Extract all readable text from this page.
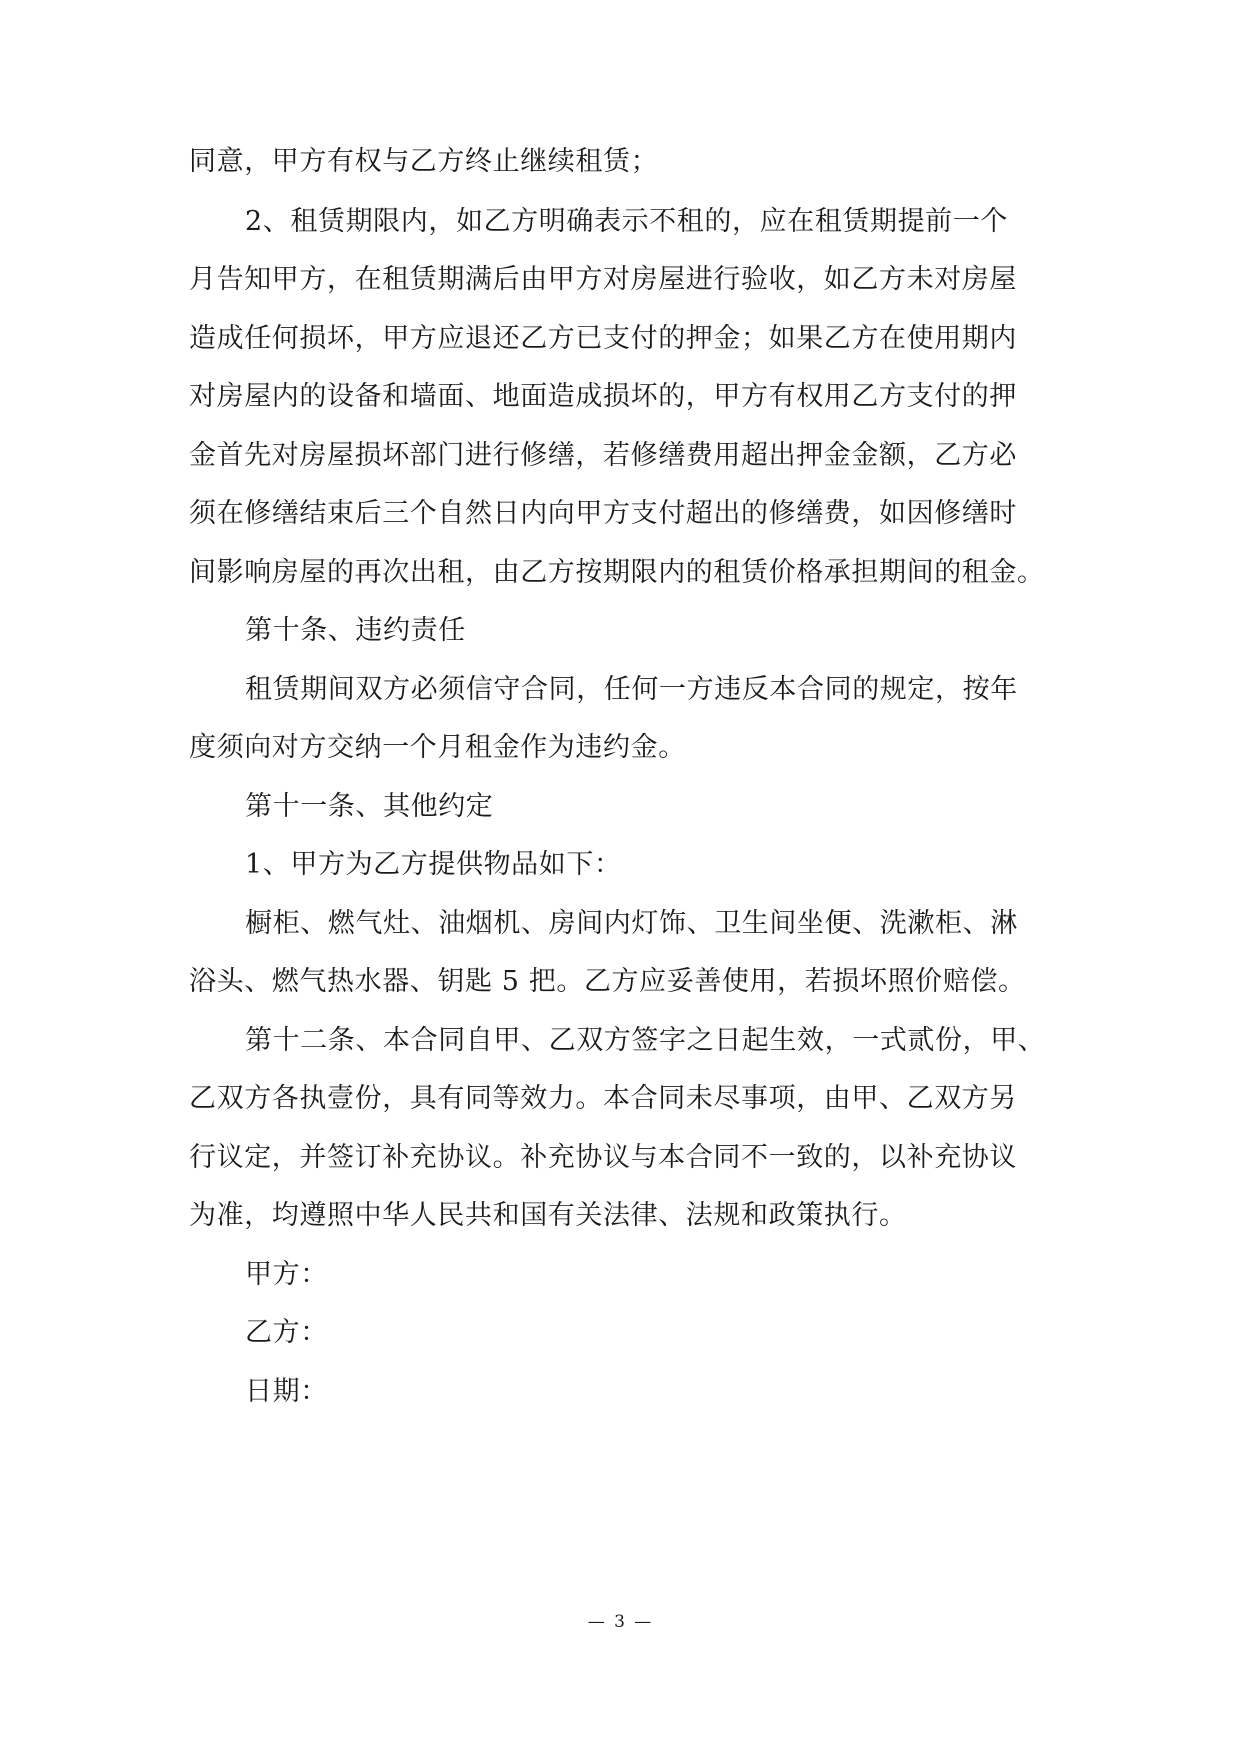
同意，甲方有权与乙方终止继续租赁；
2、租赁期限内，如乙方明确表示不租的，应在租赁期提前一个
月告知甲方，在租赁期满后由甲方对房屋进行验收，如乙方未对房屋
造成任何损坏，甲方应退还乙方已支付的押金；如果乙方在使用期内
对房屋内的设备和墙面、地面造成损坏的，甲方有权用乙方支付的押
金首先对房屋损坏部门进行修缮，若修缮费用超出押金金额，乙方必
须在修缮结束后三个自然日内向甲方支付超出的修缮费，如因修缮时
间影响房屋的再次出租，由乙方按期限内的租赁价格承担期间的租金。
第十条、违约责任
租赁期间双方必须信守合同，任何一方违反本合同的规定，按年
度须向对方交纳一个月租金作为违约金。
第十一条、其他约定
1、甲方为乙方提供物品如下：
橱柜、燃气灶、油烟机、房间内灯饰、卫生间坐便、洗漱柜、淋
浴头、燃气热水器、钥匙 5 把。乙方应妥善使用，若损坏照价赔偿。
第十二条、本合同自甲、乙双方签字之日起生效，一式贰份，甲、
乙双方各执壹份，具有同等效力。本合同未尽事项，由甲、乙双方另
行议定，并签订补充协议。补充协议与本合同不一致的，以补充协议
为准，均遵照中华人民共和国有关法律、法规和政策执行。
甲方：
乙方：
日期：
— 3 —
